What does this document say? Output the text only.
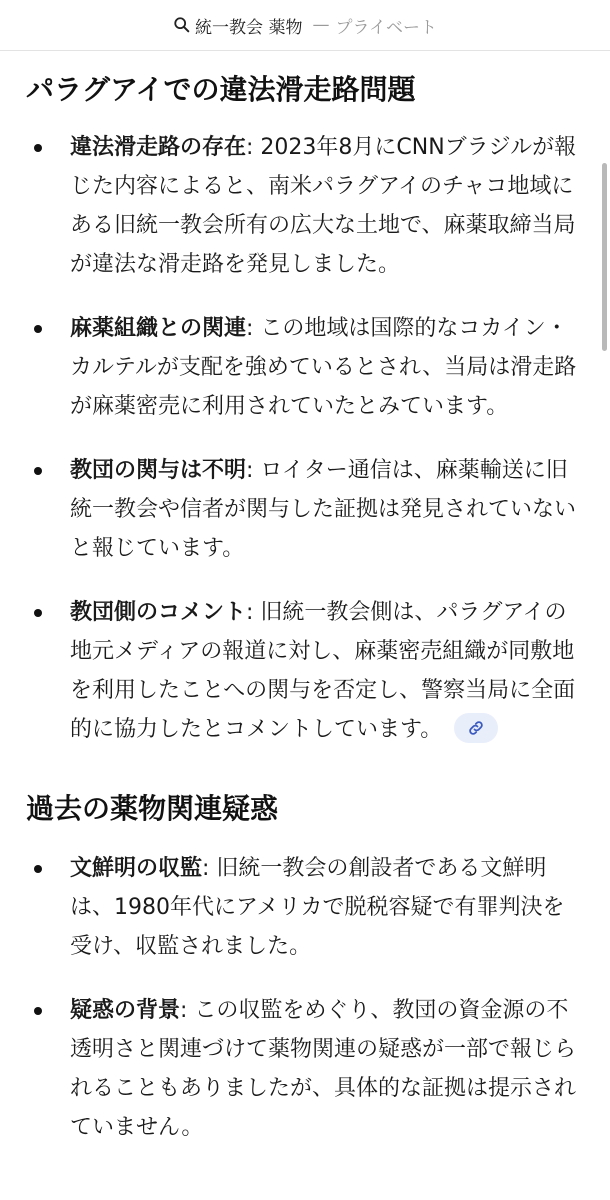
統一教会 薬物 — プライベート
パラグアイでの違法滑走路問題
違法滑走路の存在: 2023年8月にCNNブラジルが報じた内容によると、南米パラグアイのチャコ地域にある旧統一教会所有の広大な土地で、麻薬取締当局が違法な滑走路を発見しました。
麻薬組織との関連: この地域は国際的なコカイン・カルテルが支配を強めているとされ、当局は滑走路が麻薬密売に利用されていたとみています。
教団の関与は不明: ロイター通信は、麻薬輸送に旧統一教会や信者が関与した証拠は発見されていないと報じています。
教団側のコメント: 旧統一教会側は、パラグアイの地元メディアの報道に対し、麻薬密売組織が同敷地を利用したことへの関与を否定し、警察当局に全面的に協力したとコメントしています。
過去の薬物関連疑惑
文鮮明の収監: 旧統一教会の創設者である文鮮明は、1980年代にアメリカで脱税容疑で有罪判決を受け、収監されました。
疑惑の背景: この収監をめぐり、教団の資金源の不透明さと関連づけて薬物関連の疑惑が一部で報じられることもありましたが、具体的な証拠は提示されていません。
